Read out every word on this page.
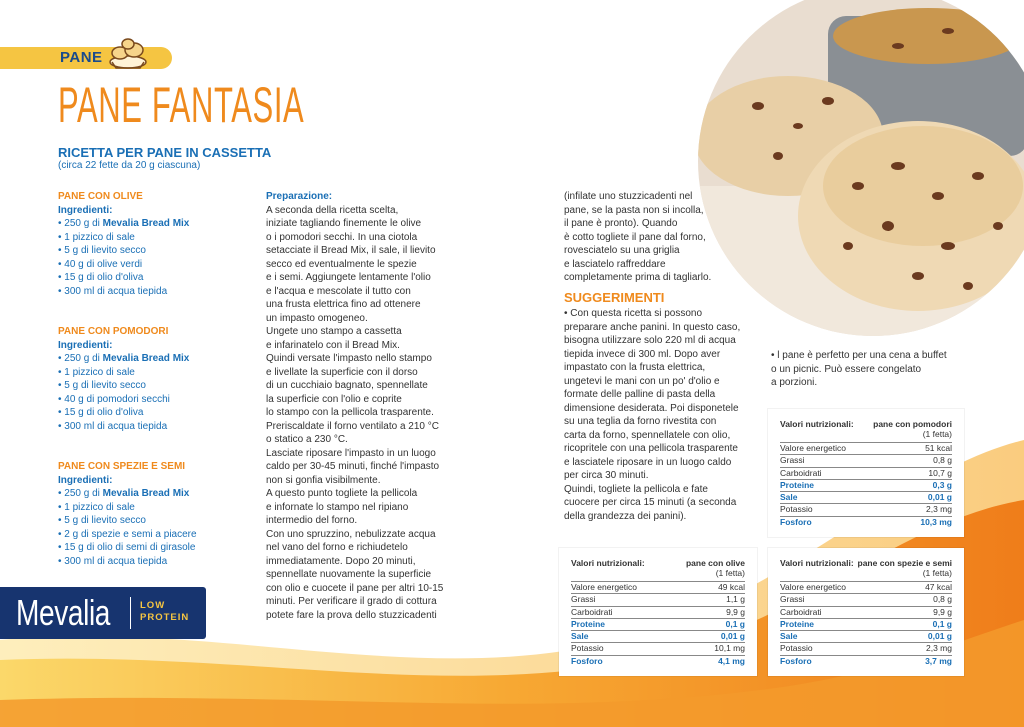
PANE
PANE FANTASIA
RICETTA PER PANE IN CASSETTA
(circa 22 fette da 20 g ciascuna)
PANE CON OLIVE
Ingredienti:
• 250 g di Mevalia Bread Mix
• 1 pizzico di sale
• 5 g di lievito secco
• 40 g di olive verdi
• 15 g di olio d'oliva
• 300 ml di acqua tiepida
PANE CON POMODORI
Ingredienti:
• 250 g di Mevalia Bread Mix
• 1 pizzico di sale
• 5 g di lievito secco
• 40 g di pomodori secchi
• 15 g di olio d'oliva
• 300 ml di acqua tiepida
PANE CON SPEZIE E SEMI
Ingredienti:
• 250 g di Mevalia Bread Mix
• 1 pizzico di sale
• 5 g di lievito secco
• 2 g di spezie e semi a piacere
• 15 g di olio di semi di girasole
• 300 ml di acqua tiepida
Preparazione:
A seconda della ricetta scelta,
iniziate tagliando finemente le olive
o i pomodori secchi. In una ciotola
setacciate il Bread Mix, il sale, il lievito
secco ed eventualmente le spezie
e i semi. Aggiungete lentamente l'olio
e l'acqua e mescolate il tutto con
una frusta elettrica fino ad ottenere
un impasto omogeneo.
Ungete uno stampo a cassetta
e infarinatelo con il Bread Mix.
Quindi versate l'impasto nello stampo
e livellate la superficie con il dorso
di un cucchiaio bagnato, spennellate
la superficie con l'olio e coprite
lo stampo con la pellicola trasparente.
Preriscaldate il forno ventilato a 210 °C
o statico a 230 °C.
Lasciate riposare l'impasto in un luogo
caldo per 30-45 minuti, finché l'impasto
non si gonfia visibilmente.
A questo punto togliete la pellicola
e infornate lo stampo nel ripiano
intermedio del forno.
Con uno spruzzino, nebulizzate acqua
nel vano del forno e richiudetelo
immediatamente. Dopo 20 minuti,
spennellate nuovamente la superficie
con olio e cuocete il pane per altri 10-15
minuti. Per verificare il grado di cottura
potete fare la prova dello stuzzicadenti
(infilate uno stuzzicadenti nel
pane, se la pasta non si incolla,
il pane è pronto). Quando
è cotto togliete il pane dal forno,
rovesciatelo su una griglia
e lasciatelo raffreddare
completamente prima di tagliarlo.
SUGGERIMENTI
• Con questa ricetta si possono
preparare anche panini. In questo caso,
bisogna utilizzare solo 220 ml di acqua
tiepida invece di 300 ml. Dopo aver
impastato con la frusta elettrica,
ungetevi le mani con un po' d'olio e
formate delle palline di pasta della
dimensione desiderata. Poi disponetele
su una teglia da forno rivestita con
carta da forno, spennellatele con olio,
ricopritele con una pellicola trasparente
e lasciatele riposare in un luogo caldo
per circa 30 minuti.
Quindi, togliete la pellicola e fate
cuocere per circa 15 minuti (a seconda
della grandezza dei panini).
• l pane è perfetto per una cena a buffet
o un picnic. Può essere congelato
a porzioni.
Valori nutrizionali: pane con pomodori
(1 fetta)
Valore energetico	51 kcal
Grassi	0,8 g
Carboidrati	10,7 g
Proteine	0,3 g
Sale	0,01 g
Potassio	2,3 mg
Fosforo	10,3 mg
Valori nutrizionali:	pane con olive
(1 fetta)
Valore energetico	49 kcal
Grassi	1,1 g
Carboidrati	9,9 g
Proteine	0,1 g
Sale	0,01 g
Potassio	10,1 mg
Fosforo	4,1 mg
Valori nutrizionali: pane con spezie e semi
(1 fetta)
Valore energetico	47 kcal
Grassi	0,8 g
Carboidrati	9,9 g
Proteine	0,1 g
Sale	0,01 g
Potassio	2,3 mg
Fosforo	3,7 mg
Mevalia	LOW
PROTEIN
